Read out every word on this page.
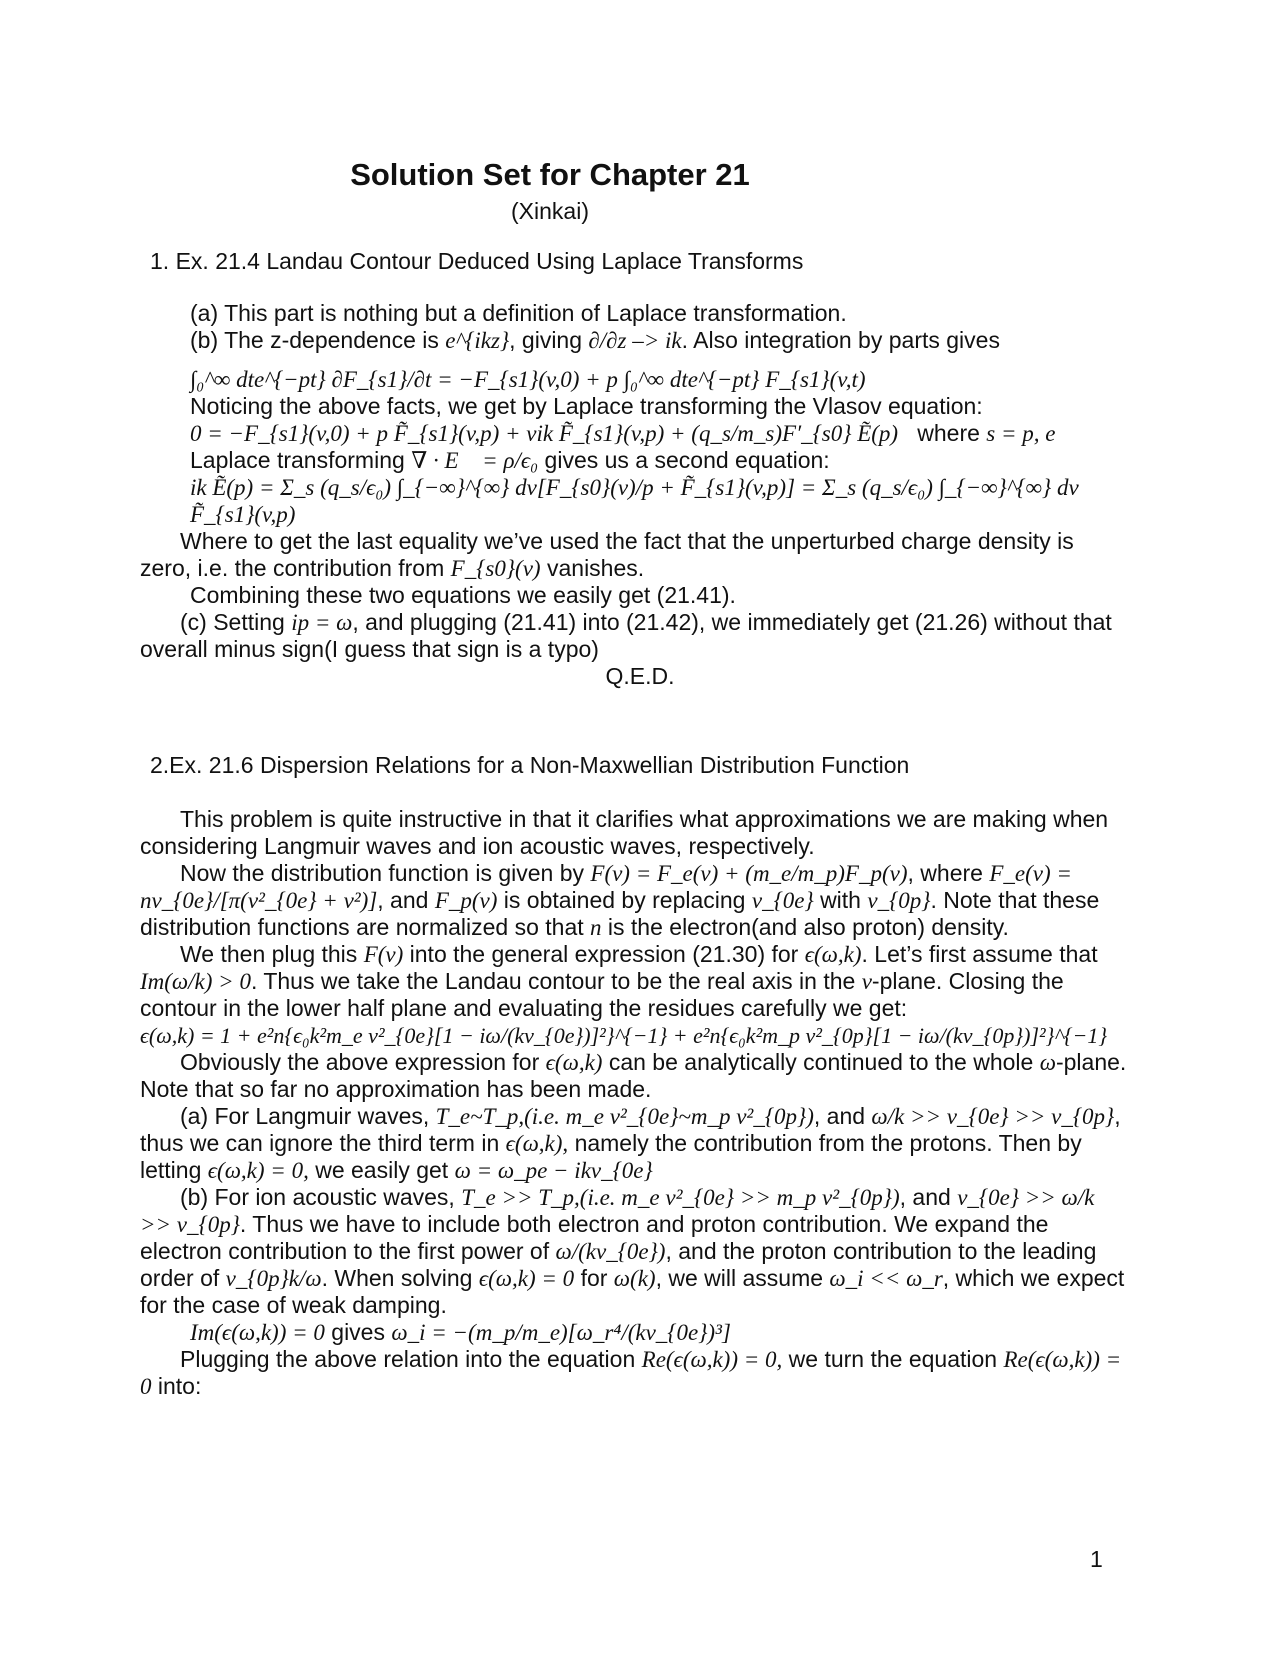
Solution Set for Chapter 21
(Xinkai)
1. Ex. 21.4 Landau Contour Deduced Using Laplace Transforms

(a) This part is nothing but a definition of Laplace transformation.

(b) The z-dependence is e^{ikz}, giving ∂/∂z –> ik. Also integration by parts gives

∫₀^∞ dte^{−pt} ∂F_{s1}/∂t = −F_{s1}(v,0) + p ∫₀^∞ dte^{−pt} F_{s1}(v,t)

Noticing the above facts, we get by Laplace transforming the Vlasov equation:

0 = −F_{s1}(v,0) + p F̃_{s1}(v,p) + vik F̃_{s1}(v,p) + (q_s/m_s)F′_{s0} Ẽ(p) where s = p, e

Laplace transforming ∇ · E⃗ = ρ/ϵ₀ gives us a second equation:

ik Ẽ(p) = Σ_s (q_s/ϵ₀) ∫_{−∞}^{∞} dv[F_{s0}(v)/p + F̃_{s1}(v,p)] = Σ_s (q_s/ϵ₀) ∫_{−∞}^{∞} dv F̃_{s1}(v,p)

Where to get the last equality we’ve used the fact that the unperturbed charge density is zero, i.e. the contribution from F_{s0}(v) vanishes.

Combining these two equations we easily get (21.41).

(c) Setting ip = ω, and plugging (21.41) into (21.42), we immediately get (21.26) without that overall minus sign(I guess that sign is a typo)

Q.E.D.

2.Ex. 21.6 Dispersion Relations for a Non-Maxwellian Distribution Function

This problem is quite instructive in that it clarifies what approximations we are making when considering Langmuir waves and ion acoustic waves, respectively.

Now the distribution function is given by F(v) = F_e(v) + (m_e/m_p)F_p(v), where F_e(v) = nv_{0e}/[π(v²_{0e} + v²)], and F_p(v) is obtained by replacing v_{0e} with v_{0p}. Note that these distribution functions are normalized so that n is the electron(and also proton) density.

We then plug this F(v) into the general expression (21.30) for ϵ(ω,k). Let’s first assume that Im(ω/k) > 0. Thus we take the Landau contour to be the real axis in the v-plane. Closing the contour in the lower half plane and evaluating the residues carefully we get:

ϵ(ω,k) = 1 + e²n{ϵ₀k²m_e v²_{0e}[1 − iω/(kv_{0e})]²}^{−1} + e²n{ϵ₀k²m_p v²_{0p}[1 − iω/(kv_{0p})]²}^{−1}

Obviously the above expression for ϵ(ω,k) can be analytically continued to the whole ω-plane. Note that so far no approximation has been made.

(a) For Langmuir waves, T_e~T_p,(i.e. m_e v²_{0e}~m_p v²_{0p}), and ω/k >> v_{0e} >> v_{0p}, thus we can ignore the third term in ϵ(ω,k), namely the contribution from the protons. Then by letting ϵ(ω,k) = 0, we easily get ω = ω_pe − ikv_{0e}

(b) For ion acoustic waves, T_e >> T_p,(i.e. m_e v²_{0e} >> m_p v²_{0p}), and v_{0e} >> ω/k >> v_{0p}. Thus we have to include both electron and proton contribution. We expand the electron contribution to the first power of ω/(kv_{0e}), and the proton contribution to the leading order of v_{0p}k/ω. When solving ϵ(ω,k) = 0 for ω(k), we will assume ω_i << ω_r, which we expect for the case of weak damping.

Im(ϵ(ω,k)) = 0 gives ω_i = −(m_p/m_e)[ω_r⁴/(kv_{0e})³]

Plugging the above relation into the equation Re(ϵ(ω,k)) = 0, we turn the equation Re(ϵ(ω,k)) = 0 into:

1
